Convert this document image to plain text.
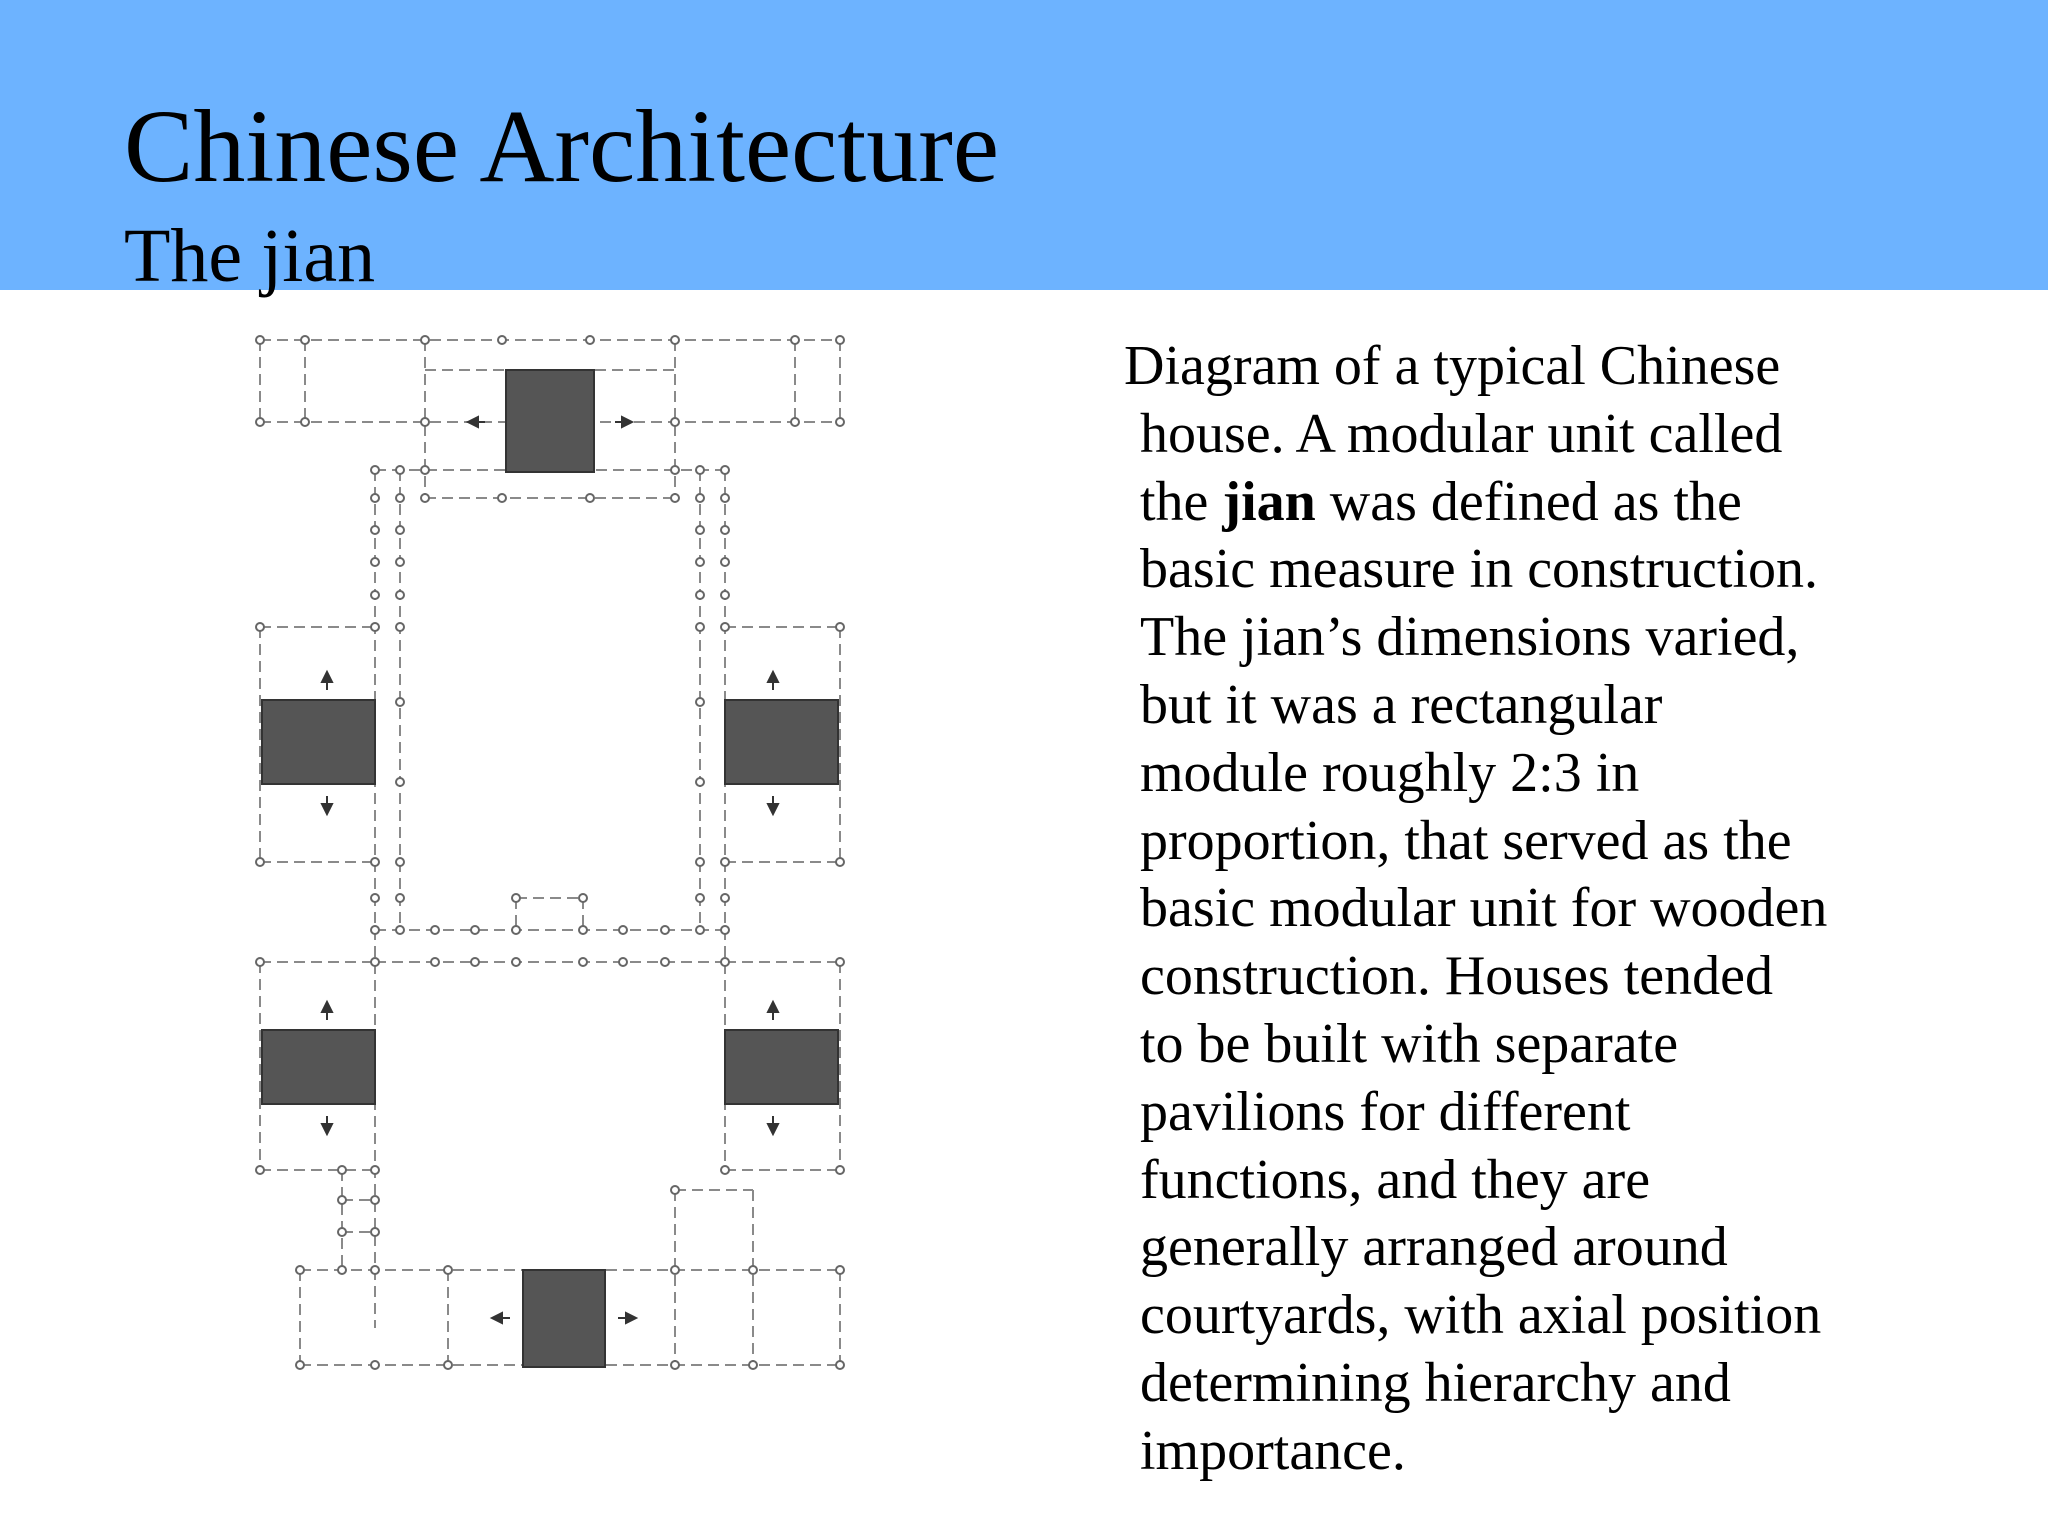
Chinese Architecture
The jian
Diagram of a typical Chinese
house. A modular unit called
the jian was defined as the
basic measure in construction.
The jian’s dimensions varied,
but it was a rectangular
module roughly 2:3 in
proportion, that served as the
basic modular unit for wooden
construction. Houses tended
to be built with separate
pavilions for different
functions, and they are
generally arranged around
courtyards, with axial position
determining hierarchy and
importance.
